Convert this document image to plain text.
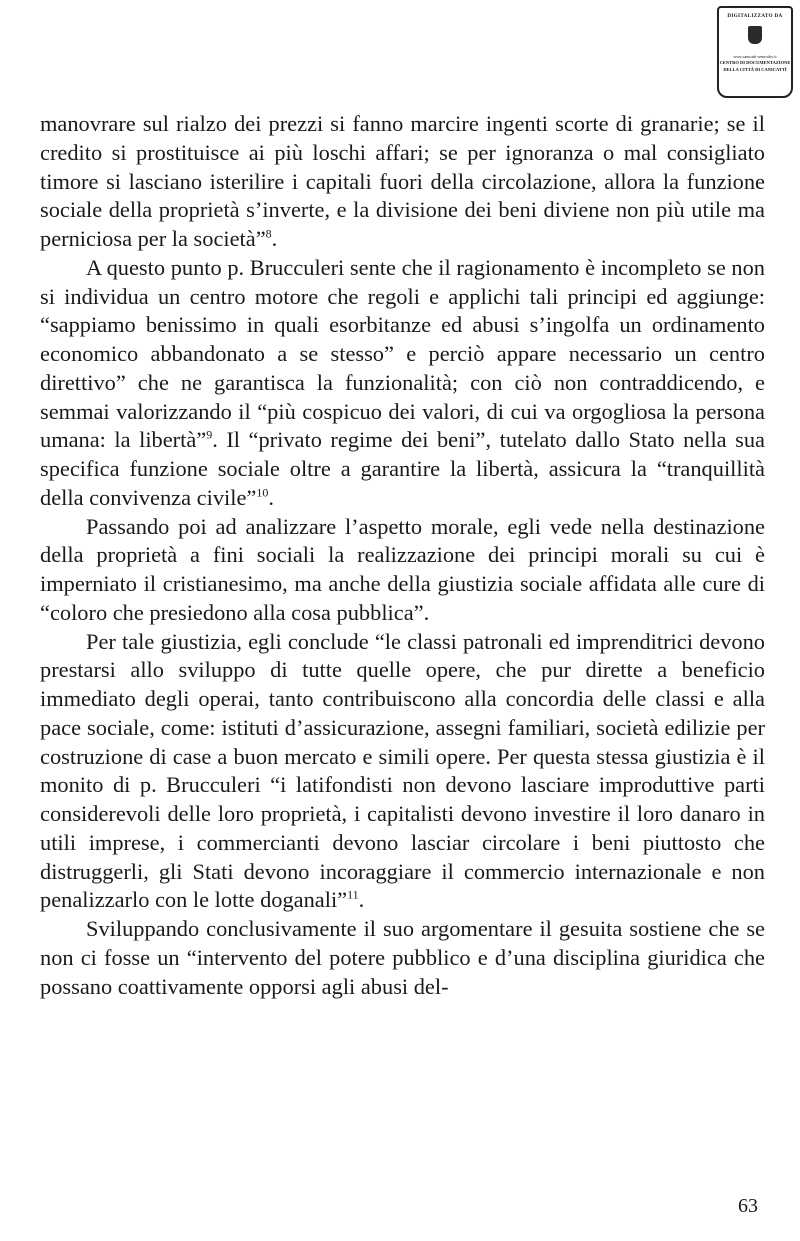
DIGITALIZZATO DA
www.canicatti-centrodoc.it
CENTRO DI DOCUMENTAZIONE
DELLA CITTÀ DI CANICATTÌ

manovrare sul rialzo dei prezzi si fanno marcire ingenti scorte di granarie; se il credito si prostituisce ai più loschi affari; se per ignoranza o mal consigliato timore si lasciano isterilire i capitali fuori della circolazione, allora la funzione sociale della proprietà s’inverte, e la divisione dei beni diviene non più utile ma perniciosa per la società”$^8$.

A questo punto p. Brucculeri sente che il ragionamento è incompleto se non si individua un centro motore che regoli e applichi tali principi ed aggiunge: “sappiamo benissimo in quali esorbitanze ed abusi s’ingolfa un ordinamento economico abbandonato a se stesso” e perciò appare necessario un centro direttivo” che ne garantisca la funzionalità; con ciò non contraddicendo, e semmai valorizzando il “più cospicuo dei valori, di cui va orgogliosa la persona umana: la libertà”$^9$. Il “privato regime dei beni”, tutelato dallo Stato nella sua specifica funzione sociale oltre a garantire la libertà, assicura la “tranquillità della convivenza civile”$^{10}$.

Passando poi ad analizzare l’aspetto morale, egli vede nella destinazione della proprietà a fini sociali la realizzazione dei principi morali su cui è imperniato il cristianesimo, ma anche della giustizia sociale affidata alle cure di “coloro che presiedono alla cosa pubblica”.

Per tale giustizia, egli conclude “le classi patronali ed imprenditrici devono prestarsi allo sviluppo di tutte quelle opere, che pur dirette a beneficio immediato degli operai, tanto contribuiscono alla concordia delle classi e alla pace sociale, come: istituti d’assicurazione, assegni familiari, società edilizie per costruzione di case a buon mercato e simili opere. Per questa stessa giustizia è il monito di p. Brucculeri “i latifondisti non devono lasciare improduttive parti considerevoli delle loro proprietà, i capitalisti devono investire il loro danaro in utili imprese, i commercianti devono lasciar circolare i beni piuttosto che distruggerli, gli Stati devono incoraggiare il commercio internazionale e non penalizzarlo con le lotte doganali”$^{11}$.

Sviluppando conclusivamente il suo argomentare il gesuita sostiene che se non ci fosse un “intervento del potere pubblico e d’una disciplina giuridica che possano coattivamente opporsi agli abusi del-

63
